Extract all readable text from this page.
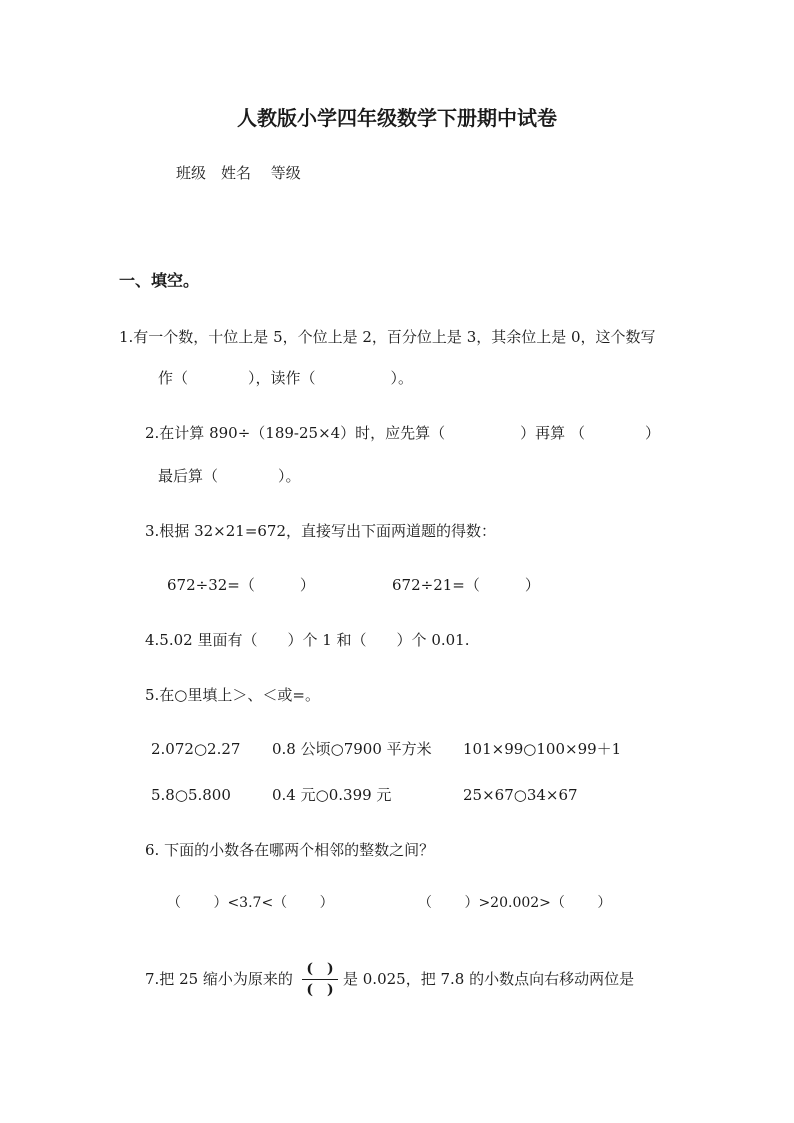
人教版小学四年级数学下册期中试卷
班级　姓名　 等级
一、填空。
1.有一个数，十位上是 5，个位上是 2，百分位上是 3，其余位上是 0，这个数写
作（　　　　），读作（　　　　　）。
2.在计算 890÷（189-25×4）时，应先算（　　　　　）再算 （　　　　）
最后算（　　　　）。
3.根据 32×21=672，直接写出下面两道题的得数：
672÷32=（　　　）	672÷21=（　　　）
4.5.02 里面有（　　）个 1 和（　　）个 0.01.
5.在○里填上＞、＜或=。
2.072○2.27 0.8 公顷○7900 平方米 101×99○100×99＋1
5.8○5.800	0.4 元○0.399 元	25×67○34×67
6. 下面的小数各在哪两个相邻的整数之间？
（　　 ）<3.7<（　　 ）	（　　 ）>20.002>（　　 ）
7.把 25 缩小为原来的
(　)
(　)
是 0.025，把 7.8 的小数点向右移动两位是
